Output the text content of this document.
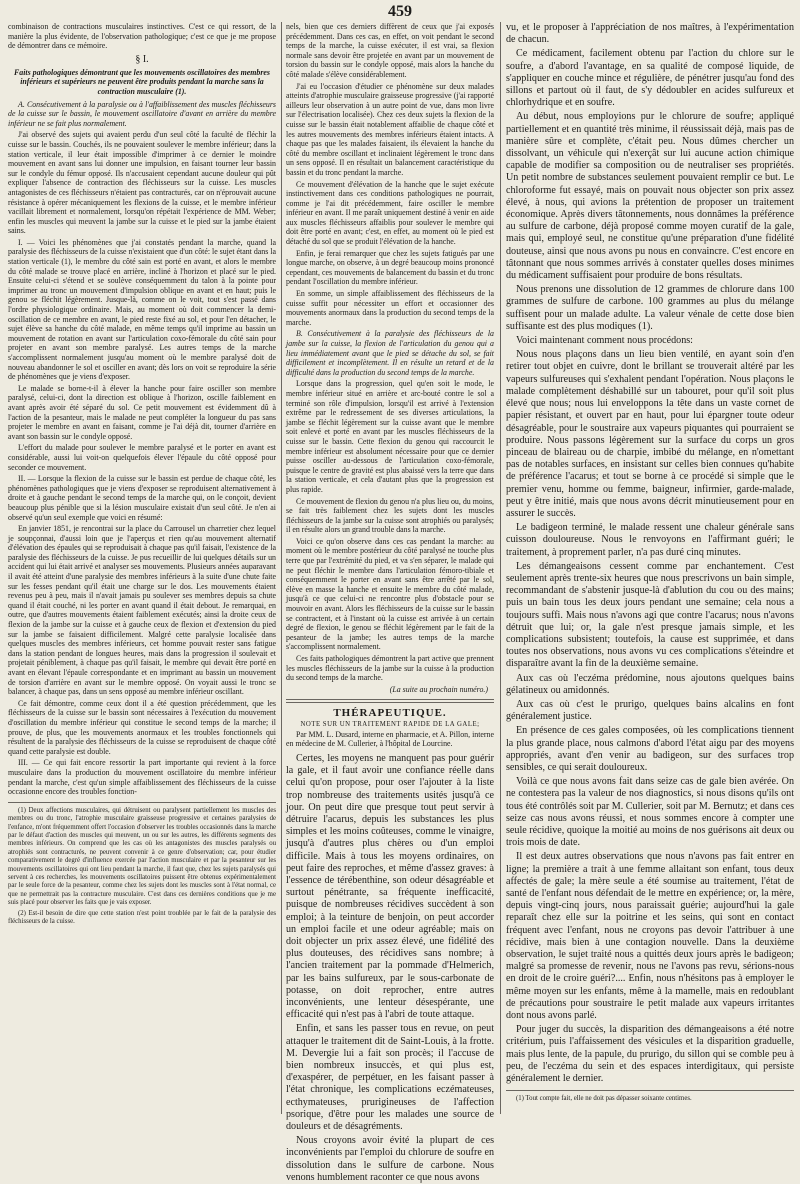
459

combinaison de contractions musculaires instinctives. C'est ce qui ressort, de la manière la plus évidente, de l'observation pathologique; c'est ce que je me propose de démontrer dans ce mémoire.

§ I.
Faits pathologiques démontrant que les mouvements oscillatoires des membres inférieurs et supérieurs ne peuvent être produits pendant la marche sans la contraction musculaire (1).
A. Consécutivement à la paralysie ou à l'affaiblissement des muscles fléchisseurs de la cuisse sur le bassin, le mouvement oscillatoire d'avant en arrière du membre inférieur ne se fait plus normalement.

J'ai observé des sujets qui avaient perdu d'un seul côté la faculté de fléchir la cuisse sur le bassin. Couchés, ils ne pouvaient soulever le membre inférieur; dans la station verticale, il leur était impossible d'imprimer à ce dernier le moindre mouvement en avant sans lui donner une impulsion, en faisant tourner leur bassin sur le condyle du fémur opposé. Ils n'accusaient cependant aucune douleur qui pût expliquer l'absence de contraction des fléchisseurs sur la cuisse. Les muscles antagonistes de ces fléchisseurs n'étaient pas contracturés, car on n'éprouvait aucune résistance à opérer mécaniquement les flexions de la cuisse, et le membre inférieur vacillait librement et normalement, lorsqu'on répétait l'expérience de MM. Weber; enfin les muscles qui meuvent la jambe sur la cuisse et le pied sur la jambe étaient sains.

I. — Voici les phénomènes que j'ai constatés pendant la marche, quand la paralysie des fléchisseurs de la cuisse n'existaient que d'un côté: le sujet étant dans la station verticale (1), le membre du côté sain est porté en avant, et alors le membre du côté malade se trouve placé en arrière, incliné à l'horizon et placé sur le pied. Ensuite celui-ci s'étend et se soulève conséquemment du talon à la pointe pour imprimer au tronc un mouvement d'impulsion oblique en avant et en haut; puis le genou se fléchit légèrement. Jusque-là, comme on le voit, tout s'est passé dans l'ordre physiologique ordinaire. Mais, au moment où doit commencer la demi-oscillation de ce membre en avant, le pied reste fixé au sol, et pour l'en détacher, le sujet élève sa hanche du côté malade, en même temps qu'il imprime au bassin un mouvement de rotation en avant sur l'articulation coxo-fémorale du côté sain pour projeter en avant son membre paralysé. Les autres temps de la marche s'accomplissent normalement jusqu'au moment où le membre paralysé doit de nouveau abandonner le sol et osciller en avant; dès lors on voit se reproduire la série de phénomènes que je viens d'exposer.

Le malade se borne-t-il à élever la hanche pour faire osciller son membre paralysé, celui-ci, dont la direction est oblique à l'horizon, oscille faiblement en avant après avoir été séparé du sol. Ce petit mouvement est évidemment dû à l'action de la pesanteur, mais le malade ne peut compléter la longueur du pas sans projeter le membre en avant en faisant, comme je l'ai déjà dit, tourner d'arrière en avant son bassin sur le condyle opposé.

L'effort du malade pour soulever le membre paralysé et le porter en avant est considérable, aussi lui voit-on quelquefois élever l'épaule du côté opposé pour seconder ce mouvement.

II. — Lorsque la flexion de la cuisse sur le bassin est perdue de chaque côté, les phénomènes pathologiques que je viens d'exposer se reproduisent alternativement à droite et à gauche pendant le second temps de la marche qui, on le conçoit, devient beaucoup plus pénible que si la lésion musculaire existait d'un seul côté. Je n'en ai observé qu'un seul exemple que voici en résumé:

En janvier 1851, je rencontrai sur la place du Carrousel un charretier chez lequel je soupçonnai, d'aussi loin que je l'aperçus et rien qu'au mouvement alternatif d'élévation des épaules qui se reproduisait à chaque pas qu'il faisait, l'existence de la paralysie des fléchisseurs de la cuisse. Je pus recueillir de lui quelques détails sur un accident qui lui était arrivé et analyser ses mouvements. Plusieurs années auparavant il avait été atteint d'une paralysie des membres inférieurs à la suite d'une chute faite sur les fesses pendant qu'il était une charge sur le dos. Les mouvements étaient revenus peu à peu, mais il n'avait jamais pu soulever ses membres depuis sa chute quand il était couché, ni les porter en avant quand il était debout. Je remarquai, en outre, que d'autres mouvements étaient faiblement exécutés; ainsi la droite ceux de flexion de la jambe sur la cuisse et à gauche ceux de flexion et d'extension du pied sur la jambe se faisaient difficilement. Malgré cette paralysie localisée dans quelques muscles des membres inférieurs, cet homme pouvait rester sans fatigue dans la station pendant de longues heures, mais dans la progression il soulevait et projetait péniblement, à chaque pas qu'il faisait, le membre qui devait être porté en avant en élevant l'épaule correspondante et en imprimant au bassin un mouvement de torsion d'arrière en avant sur le membre opposé. On voyait aussi le tronc se balancer, à chaque pas, dans un sens opposé au membre inférieur oscillant.

Ce fait démontre, comme ceux dont il a été question précédemment, que les fléchisseurs de la cuisse sur le bassin sont nécessaires à l'exécution du mouvement d'oscillation du membre inférieur qui constitue le second temps de la marche; il prouve, de plus, que les mouvements anormaux et les troubles fonctionnels qui résultent de la paralysie des fléchisseurs de la cuisse se reproduisent de chaque côté quand cette paralysie est double.

III. — Ce qui fait encore ressortir la part importante qui revient à la force musculaire dans la production du mouvement oscillatoire du membre inférieur pendant la marche, c'est qu'un simple affaiblissement des fléchisseurs de la cuisse occasionne encore des troubles fonction-

(1) Deux affections musculaires, qui détruisent ou paralysent partiellement les muscles des membres ou du tronc, l'atrophie musculaire graisseuse progressive et certaines paralysies de l'enfance, m'ont fréquemment offert l'occasion d'observer les troubles occasionnés dans la marche par le défaut d'action des muscles qui meuvent, un ou sur les autres, les différents segments des membres inférieurs. On comprend que les cas où les antagonistes des muscles paralysés ou atrophiés sont contracturés, ne peuvent convenir à ce genre d'observation; car, pour étudier comparativement le degré d'influence exercée par l'action musculaire et par la pesanteur sur les mouvements oscillatoires qui ont lieu pendant la marche, il faut que, chez les sujets paralysés qui servent à ces recherches, les mouvements oscillatoires puissent être obtenus expérimentalement par le seule force de la pesanteur, comme chez les sujets dont les muscles sont à l'état normal, ce que ne permettrait pas la contracture musculaire. C'est dans ces dernières conditions que je me suis placé pour observer les faits que je vais exposer.

(2) Est-il besoin de dire que cette station n'est point troublée par le fait de la paralysie des fléchisseurs de la cuisse.

nels, bien que ces derniers diffèrent de ceux que j'ai exposés précédemment. Dans ces cas, en effet, on voit pendant le second temps de la marche, la cuisse exécuter, il est vrai, sa flexion normale sans devoir être projetée en avant par un mouvement de torsion du bassin sur le condyle opposé, mais alors la hanche du côté malade s'élève considérablement.

J'ai eu l'occasion d'étudier ce phénomène sur deux malades atteints d'atrophie musculaire graisseuse progressive (j'ai rapporté ailleurs leur observation à un autre point de vue, dans mon livre sur l'électrisation localisée). Chez ces deux sujets la flexion de la cuisse sur le bassin était notablement affaiblie de chaque côté et les autres mouvements des membres inférieurs étaient intacts. A chaque pas que les malades faisaient, ils élevaient la hanche du côté du membre oscillant et inclinaient légèrement le tronc dans un sens opposé. Il en résultait un balancement caractéristique du bassin et du tronc pendant la marche.

Ce mouvement d'élévation de la hanche que le sujet exécute instinctivement dans ces conditions pathologiques ne pourrait, comme je l'ai dit précédemment, faire osciller le membre inférieur en avant. Il me paraît uniquement destiné à venir en aide aux muscles fléchisseurs affaiblis pour soulever le membre qui doit être porté en avant; c'est, en effet, au moment où le pied est détaché du sol que se produit l'élévation de la hanche.

Enfin, je ferai remarquer que chez les sujets fatigués par une longue marche, on observe, à un degré beaucoup moins prononcé cependant, ces mouvements de balancement du bassin et du tronc pendant l'oscillation du membre inférieur.

En somme, un simple affaiblissement des fléchisseurs de la cuisse suffit pour nécessiter un effort et occasionner des mouvements anormaux dans la production du second temps de la marche.

B. Consécutivement à la paralysie des fléchisseurs de la jambe sur la cuisse, la flexion de l'articulation du genou qui a lieu immédiatement avant que le pied se détache du sol, se fait difficilement et incomplètement. Il en résulte un retard et de la difficulté dans la production du second temps de la marche.

Lorsque dans la progression, quel qu'en soit le mode, le membre inférieur situé en arrière et arc-bouté contre le sol a terminé son rôle d'impulsion, lorsqu'il est arrivé à l'extension extrême par le redressement de ses diverses articulations, la jambe se fléchit légèrement sur la cuisse avant que le membre soit enlevé et porté en avant par les muscles fléchisseurs de la cuisse sur le bassin. Cette flexion du genou qui raccourcit le membre inférieur est absolument nécessaire pour que ce dernier puisse osciller au-dessous de l'articulation coxo-fémorale, puisque le centre de gravité est plus abaissé vers la terre que dans la station verticale, et cela d'autant plus que la progression est plus rapide.

Ce mouvement de flexion du genou n'a plus lieu ou, du moins, se fait très faiblement chez les sujets dont les muscles fléchisseurs de la jambe sur la cuisse sont atrophiés ou paralysés; il en résulte alors un grand trouble dans la marche.

Voici ce qu'on observe dans ces cas pendant la marche: au moment où le membre postérieur du côté paralysé ne touche plus terre que par l'extrémité du pied, et va s'en séparer, le malade qui ne peut fléchir le membre dans l'articulation fémoro-tibiale et conséquemment le porter en avant sans être arrêté par le sol, élève en masse la hanche et ensuite le membre du côté malade, jusqu'à ce que celui-ci ne rencontre plus d'obstacle pour se mouvoir en avant. Alors les fléchisseurs de la cuisse sur le bassin se contractent, et à l'instant où la cuisse est arrivée à un certain degré de flexion, le genou se fléchit légèrement par le fait de la pesanteur de la jambe; les autres temps de la marche s'accomplissent normalement.

Ces faits pathologiques démontrent la part active que prennent les muscles fléchisseurs de la jambe sur la cuisse à la production du second temps de la marche.

(La suite au prochain numéro.)
THÉRAPEUTIQUE.
NOTE SUR UN TRAITEMENT RAPIDE DE LA GALE;
Par MM. L. Dusard, interne en pharmacie, et A. Pillon, interne en médecine de M. Cullerier, à l'hôpital de Lourcine.

Certes, les moyens ne manquent pas pour guérir la gale, et il faut avoir une confiance réelle dans celui qu'on propose, pour oser l'ajouter à la liste trop nombreuse des traitements usités jusqu'à ce jour. On peut dire que presque tout peut servir à détruire l'acarus, depuis les substances les plus simples et les moins coûteuses, comme le vinaigre, jusqu'à d'autres plus chères ou d'un emploi difficile. Mais à tous les moyens ordinaires, on peut faire des reproches, et même d'assez graves: à l'essence de térébenthine, son odeur désagréable et surtout pénétrante, sa fréquente inefficacité, puisque de nombreuses récidives succèdent à son emploi; à la teinture de benjoin, on peut accorder un emploi facile et une odeur agréable; mais on doit objecter un prix assez élevé, une fidélité des plus douteuses, des récidives sans nombre; à l'ancien traitement par la pommade d'Helmerich, par les bains sulfureux, par le sous-carbonate de potasse, on doit reprocher, entre autres inconvénients, une lenteur désespérante, une efficacité qui n'est pas à l'abri de toute attaque.

Enfin, et sans les passer tous en revue, on peut attaquer le traitement dit de Saint-Louis, à la frotte. M. Devergie lui a fait son procès; il l'accuse de bien nombreux insuccès, et qui plus est, d'exaspérer, de perpétuer, en les faisant passer à l'état chronique, les complications eczémateuses, ecthymateuses, prurigineuses de l'affection psorique, d'être pour les malades une source de douleurs et de désagréments.

Nous croyons avoir évité la plupart de ces inconvénients par l'emploi du chlorure de soufre en dissolution dans le sulfure de carbone. Nous venons humblement raconter ce que nous avons

vu, et le proposer à l'appréciation de nos maîtres, à l'expérimentation de chacun.

Ce médicament, facilement obtenu par l'action du chlore sur le soufre, a d'abord l'avantage, en sa qualité de composé liquide, de s'appliquer en couche mince et régulière, de pénétrer jusqu'au fond des sillons et partout où il faut, de s'y dédoubler en acides sulfureux et chlorhydrique et en soufre.

Au début, nous employions pur le chlorure de soufre; appliqué partiellement et en quantité très minime, il réussissait déjà, mais pas de manière sûre et complète, c'était peu. Nous dûmes chercher un dissolvant, un véhicule qui n'exerçât sur lui aucune action chimique capable de modifier sa composition ou de neutraliser ses propriétés. Un petit nombre de substances seulement pouvaient remplir ce but. Le chloroforme fut essayé, mais on pouvait nous objecter son prix assez élevé, à nous, qui avions la prétention de proposer un traitement économique. Après divers tâtonnements, nous donnâmes la préférence au sulfure de carbone, déjà proposé comme moyen curatif de la gale, mais qui, employé seul, ne constitue qu'une préparation d'une fidélité douteuse, ainsi que nous avons pu nous en convaincre. C'est encore en tâtonnant que nous sommes arrivés à constater quelles doses minimes du médicament suffisaient pour produire de bons résultats.

Nous prenons une dissolution de 12 grammes de chlorure dans 100 grammes de sulfure de carbone. 100 grammes au plus du mélange suffisent pour un malade adulte. La valeur vénale de cette dose bien suffisante est des plus modiques (1).

Voici maintenant comment nous procédons:

Nous nous plaçons dans un lieu bien ventilé, en ayant soin d'en retirer tout objet en cuivre, dont le brillant se trouverait altéré par les vapeurs sulfureuses qui s'exhalent pendant l'opération. Nous plaçons le malade complètement déshabillé sur un tabouret, pour qu'il soit plus élevé que nous; nous lui enveloppons la tête dans un vaste cornet de papier résistant, et ouvert par en haut, pour lui épargner toute odeur désagréable, pour le soustraire aux vapeurs piquantes qui pourraient se produire. Nous passons légèrement sur la surface du corps un gros pinceau de blaireau ou de charpie, imbibé du mélange, en n'omettant pas de notables surfaces, en insistant sur celles bien connues qu'habite de préférence l'acarus; et tout se borne à ce procédé si simple que le premier venu, homme ou femme, baigneur, infirmier, garde-malade, peut y être initié, mais que nous avons décrit minutieusement pour en assurer le succès.

Le badigeon terminé, le malade ressent une chaleur générale sans cuisson douloureuse. Nous le renvoyons en l'affirmant guéri; le traitement, à proprement parler, n'a pas duré cinq minutes.

Les démangeaisons cessent comme par enchantement. C'est seulement après trente-six heures que nous prescrivons un bain simple, recommandant de s'abstenir jusque-là d'ablution du cou ou des mains; puis un bain tous les deux jours pendant une semaine; cela nous a toujours suffi. Mais nous n'avons agi que contre l'acarus; nous n'avons détruit que lui; or, la gale n'est presque jamais simple, et les complications subsistent; toutefois, la cause est supprimée, et dans toutes nos observations, nous avons vu ces complications s'éteindre et disparaître avant la fin de la deuxième semaine.

Aux cas où l'eczéma prédomine, nous ajoutons quelques bains gélatineux ou amidonnés.

Aux cas où c'est le prurigo, quelques bains alcalins en font généralement justice.

En présence de ces gales composées, où les complications tiennent la plus grande place, nous calmons d'abord l'état aigu par des moyens appropriés, avant d'en venir au badigeon, sur des surfaces trop sensibles, ce qui serait douloureux.

Voilà ce que nous avons fait dans seize cas de gale bien avérée. On ne contestera pas la valeur de nos diagnostics, si nous disons qu'ils ont tous été contrôlés soit par M. Cullerier, soit par M. Bernutz; et dans ces seize cas nous avons réussi, et nous sommes encore à compter une seule récidive, quoique la moitié au moins de nos guérisons ait deux ou trois mois de date.

Il est deux autres observations que nous n'avons pas fait entrer en ligne; la première a trait à une femme allaitant son enfant, tous deux affectés de gale; la mère seule a été soumise au traitement, l'état de santé de l'enfant nous défendait de le mettre en expérience; or, la mère, depuis vingt-cinq jours, nous paraissait guérie; aujourd'hui la gale reparaît chez elle sur la poitrine et les seins, qui sont en contact fréquent avec l'enfant, nous ne croyons pas devoir l'attribuer à une récidive, mais bien à une contagion nouvelle. Dans la deuxième observation, le sujet traité nous a quittés deux jours après le badigeon; malgré sa promesse de revenir, nous ne l'avons pas revu, sérions-nous en droit de le croire guéri?.... Enfin, nous n'hésitons pas à employer le même moyen sur les enfants, même à la mamelle, mais en redoublant de précautions pour soustraire le petit malade aux vapeurs irritantes dont nous avons parlé.

Pour juger du succès, la disparition des démangeaisons a été notre critérium, puis l'affaissement des vésicules et la disparition graduelle, mais plus lente, de la papule, du prurigo, du sillon qui se comble peu à peu, de l'eczéma du sein et des espaces interdigitaux, qui persiste généralement le dernier.

(1) Tout compte fait, elle ne doit pas dépasser soixante centimes.
